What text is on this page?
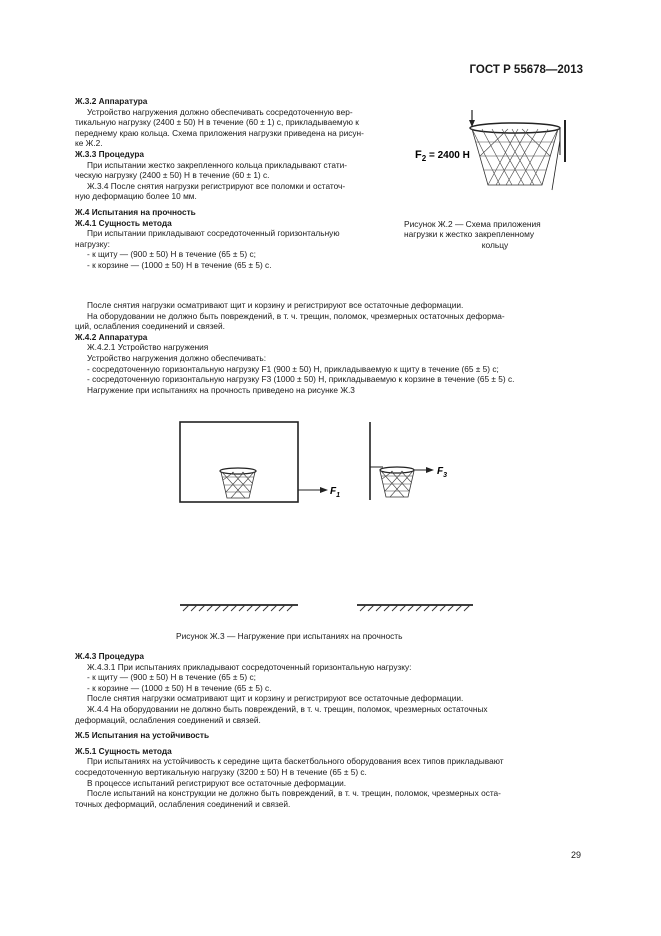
ГОСТ Р 55678—2013
Ж.3.2 Аппаратура
Устройство нагружения должно обеспечивать сосредоточенную вер-
тикальную нагрузку (2400 ± 50) Н в течение (60 ± 1) с, прикладываемую к
переднему краю кольца. Схема приложения нагрузки приведена на рисун-
ке Ж.2.
Ж.3.3 Процедура
При испытании жестко закрепленного кольца прикладывают стати-
ческую нагрузку (2400 ± 50) Н в течение (60 ± 1) с.
Ж.3.4 После снятия нагрузки регистрируют все поломки и остаточ-
ную деформацию более 10 мм.
Ж.4 Испытания на прочность
Ж.4.1 Сущность метода
При испытании прикладывают сосредоточенный горизонтальную
нагрузку:
- к щиту — (900 ± 50) Н в течение (65 ± 5) с;
- к корзине — (1000 ± 50) Н в течение (65 ± 5) с.
$F_2 = 2400$ Н
Рисунок Ж.2 — Схема приложения
нагрузки к жестко закрепленному
кольцу
После снятия нагрузки осматривают щит и корзину и регистрируют все остаточные деформации.
На оборудовании не должно быть повреждений, в т. ч. трещин, поломок, чрезмерных остаточных деформа-
ций, ослабления соединений и связей.
Ж.4.2 Аппаратура
Ж.4.2.1 Устройство нагружения
Устройство нагружения должно обеспечивать:
- сосредоточенную горизонтальную нагрузку F1 (900 ± 50) Н, прикладываемую к щиту в течение (65 ± 5) с;
- сосредоточенную горизонтальную нагрузку F3 (1000 ± 50) Н, прикладываемую к корзине в течение (65 ± 5) с.
Нагружение при испытаниях на прочность приведено на рисунке Ж.3
$F_1$
$F_3$
Рисунок Ж.3 — Нагружение при испытаниях на прочность
Ж.4.3 Процедура
Ж.4.3.1 При испытаниях прикладывают сосредоточенный горизонтальную нагрузку:
- к щиту — (900 ± 50) Н в течение (65 ± 5) с;
- к корзине — (1000 ± 50) Н в течение (65 ± 5) с.
После снятия нагрузки осматривают щит и корзину и регистрируют все остаточные деформации.
Ж.4.4 На оборудовании не должно быть повреждений, в т. ч. трещин, поломок, чрезмерных остаточных
деформаций, ослабления соединений и связей.
Ж.5 Испытания на устойчивость
Ж.5.1 Сущность метода
При испытаниях на устойчивость к середине щита баскетбольного оборудования всех типов прикладывают
сосредоточенную вертикальную нагрузку (3200 ± 50) Н в течение (65 ± 5) с.
В процессе испытаний регистрируют все остаточные деформации.
После испытаний на конструкции не должно быть повреждений, в т. ч. трещин, поломок, чрезмерных оста-
точных деформаций, ослабления соединений и связей.
29
